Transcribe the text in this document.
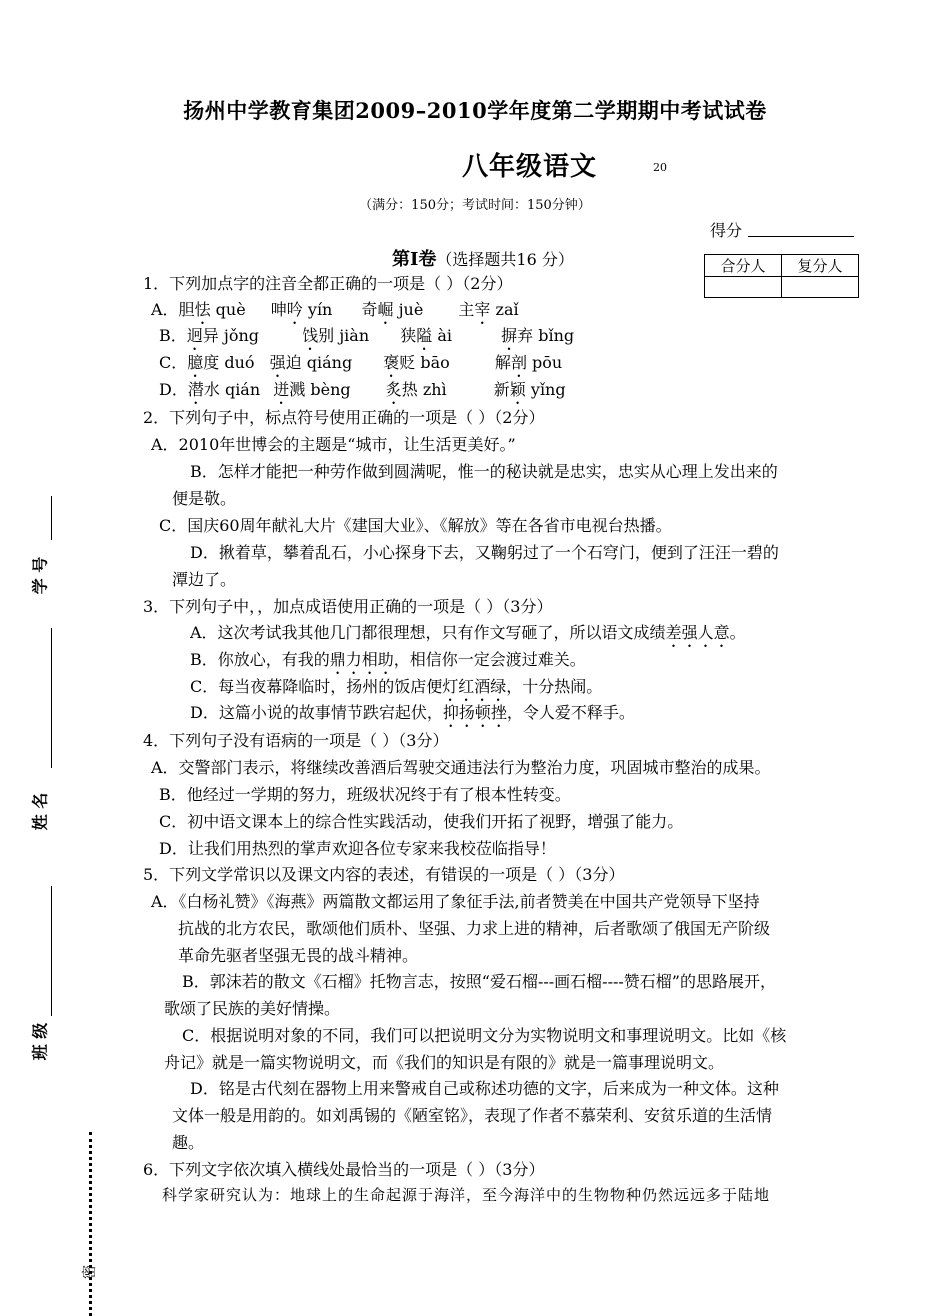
扬州中学教育集团2009–2010学年度第二学期期中考试试卷
八年级语文	20
（满分：150分；考试时间：150分钟）
得分
合分人	复分人

第Ⅰ卷（选择题共16 分）
学 号
姓 名
班 级
密
1．下列加点字的注音全都正确的一项是（ ）（2分）
A．胆怯 què 呻吟 yín 奇崛 juè 主宰 zaǐ
B．迥异 jǒng	饯别 jiàn 狭隘 ài	摒弃 bǐng
C．臆度 duó 强迫 qiáng 褒贬 bāo	解剖 pōu
D．潜水 qián 迸溅 bèng 炙热 zhì	新颖 yǐng
2．下列句子中，标点符号使用正确的一项是（ ）（2分）
A．2010年世博会的主题是“城市，让生活更美好。”
B．怎样才能把一种劳作做到圆满呢，惟一的秘诀就是忠实，忠实从心理上发出来的
便是敬。
C．国庆60周年献礼大片《建国大业》、《解放》等在各省市电视台热播。
D．揪着草，攀着乱石，小心探身下去，又鞠躬过了一个石穹门，便到了汪汪一碧的
潭边了。
3．下列句子中，，加点成语使用正确的一项是（ ）（3分）
A．这次考试我其他几门都很理想，只有作文写砸了，所以语文成绩差强人意。
B．你放心，有我的鼎力相助，相信你一定会渡过难关。
C．每当夜幕降临时，扬州的饭店便灯红酒绿，十分热闹。
D．这篇小说的故事情节跌宕起伏，抑扬顿挫，令人爱不释手。
4．下列句子没有语病的一项是（ ）（3分）
A．交警部门表示，将继续改善酒后驾驶交通违法行为整治力度，巩固城市整治的成果。
B．他经过一学期的努力，班级状况终于有了根本性转变。
C．初中语文课本上的综合性实践活动，使我们开拓了视野，增强了能力。
D．让我们用热烈的掌声欢迎各位专家来我校莅临指导！
5．下列文学常识以及课文内容的表述，有错误的一项是（ ）（3分）
A．《白杨礼赞》《海燕》两篇散文都运用了象征手法,前者赞美在中国共产党领导下坚持
抗战的北方农民，歌颂他们质朴、坚强、力求上进的精神，后者歌颂了俄国无产阶级
革命先驱者坚强无畏的战斗精神。
B．郭沫若的散文《石榴》托物言志，按照“爱石榴---画石榴----赞石榴”的思路展开，
歌颂了民族的美好情操。
C．根据说明对象的不同，我们可以把说明文分为实物说明文和事理说明文。比如《核
舟记》就是一篇实物说明文，而《我们的知识是有限的》就是一篇事理说明文。
D．铭是古代刻在器物上用来警戒自己或称述功德的文字，后来成为一种文体。这种
文体一般是用韵的。如刘禹锡的《陋室铭》，表现了作者不慕荣利、安贫乐道的生活情
趣。
6．下列文字依次填入横线处最恰当的一项是（ ）（3分）
科学家研究认为：地球上的生命起源于海洋，至今海洋中的生物物种仍然远远多于陆地
